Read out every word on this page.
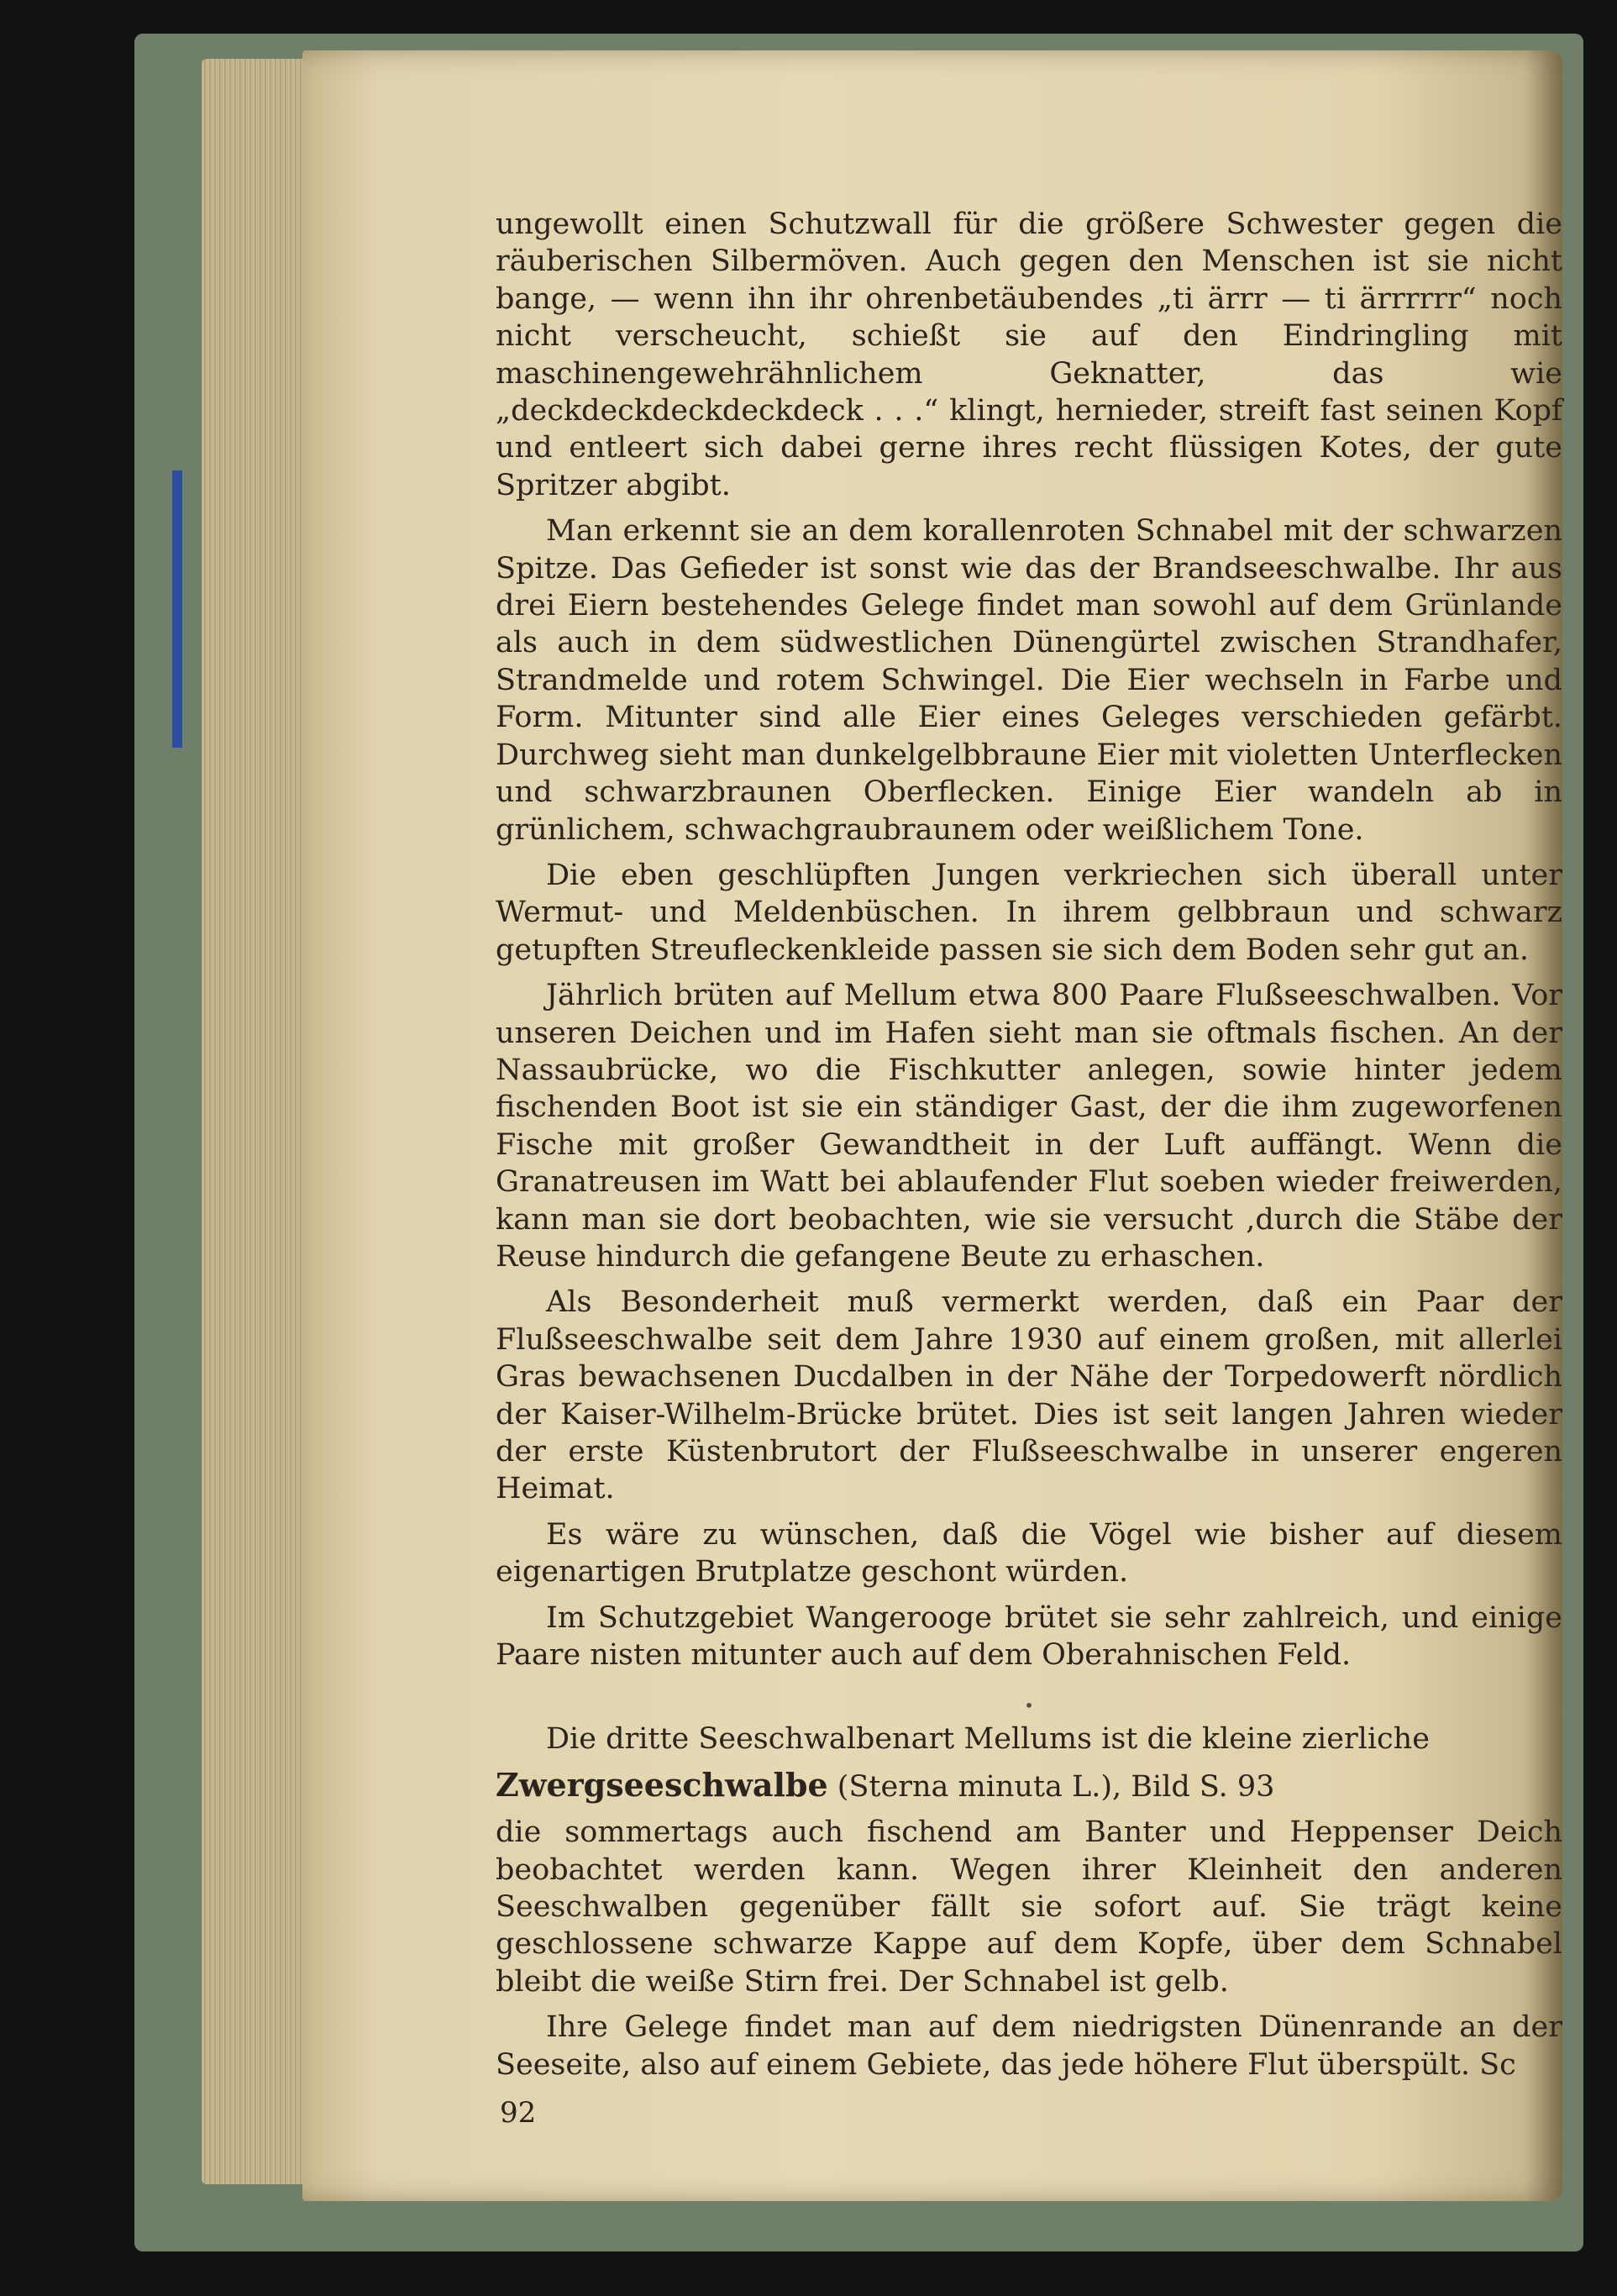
ungewollt einen Schutzwall für die größere Schwester gegen die räuberischen Silbermöven. Auch gegen den Menschen ist sie nicht bange, — wenn ihn ihr ohrenbetäubendes „ti ärrr — ti ärrrrrr“ noch nicht verscheucht, schießt sie auf den Eindringling mit maschinengewehrähnlichem Geknatter, das wie „deckdeckdeckdeckdeck . . .“ klingt, hernieder, streift fast seinen Kopf und entleert sich dabei gerne ihres recht flüssigen Kotes, der gute Spritzer abgibt.

Man erkennt sie an dem korallenroten Schnabel mit der schwarzen Spitze. Das Gefieder ist sonst wie das der Brandseeschwalbe. Ihr aus drei Eiern bestehendes Gelege findet man sowohl auf dem Grünlande als auch in dem südwestlichen Dünengürtel zwischen Strandhafer, Strandmelde und rotem Schwingel. Die Eier wechseln in Farbe und Form. Mitunter sind alle Eier eines Geleges verschieden gefärbt. Durchweg sieht man dunkelgelbbraune Eier mit violetten Unterflecken und schwarzbraunen Oberflecken. Einige Eier wandeln ab in grünlichem, schwachgraubraunem oder weißlichem Tone.

Die eben geschlüpften Jungen verkriechen sich überall unter Wermut- und Meldenbüschen. In ihrem gelbbraun und schwarz getupften Streufleckenkleide passen sie sich dem Boden sehr gut an.

Jährlich brüten auf Mellum etwa 800 Paare Flußseeschwalben. Vor unseren Deichen und im Hafen sieht man sie oftmals fischen. An der Nassaubrücke, wo die Fischkutter anlegen, sowie hinter jedem fischenden Boot ist sie ein ständiger Gast, der die ihm zugeworfenen Fische mit großer Gewandtheit in der Luft auffängt. Wenn die Granatreusen im Watt bei ablaufender Flut soeben wieder freiwerden, kann man sie dort beobachten, wie sie versucht ,durch die Stäbe der Reuse hindurch die gefangene Beute zu erhaschen.

Als Besonderheit muß vermerkt werden, daß ein Paar der Flußseeschwalbe seit dem Jahre 1930 auf einem großen, mit allerlei Gras bewachsenen Ducdalben in der Nähe der Torpedowerft nördlich der Kaiser-Wilhelm-Brücke brütet. Dies ist seit langen Jahren wieder der erste Küstenbrutort der Flußseeschwalbe in unserer engeren Heimat.

Es wäre zu wünschen, daß die Vögel wie bisher auf diesem eigenartigen Brutplatze geschont würden.

Im Schutzgebiet Wangerooge brütet sie sehr zahlreich, und einige Paare nisten mitunter auch auf dem Oberahnischen Feld.

•

Die dritte Seeschwalbenart Mellums ist die kleine zierliche

Zwergseeschwalbe (Sterna minuta L.), Bild S. 93

die sommertags auch fischend am Banter und Heppenser Deich beobachtet werden kann. Wegen ihrer Kleinheit den anderen Seeschwalben gegenüber fällt sie sofort auf. Sie trägt keine geschlossene schwarze Kappe auf dem Kopfe, über dem Schnabel bleibt die weiße Stirn frei. Der Schnabel ist gelb.

Ihre Gelege findet man auf dem niedrigsten Dünenrande an der Seeseite, also auf einem Gebiete, das jede höhere Flut überspült. Sc

92
